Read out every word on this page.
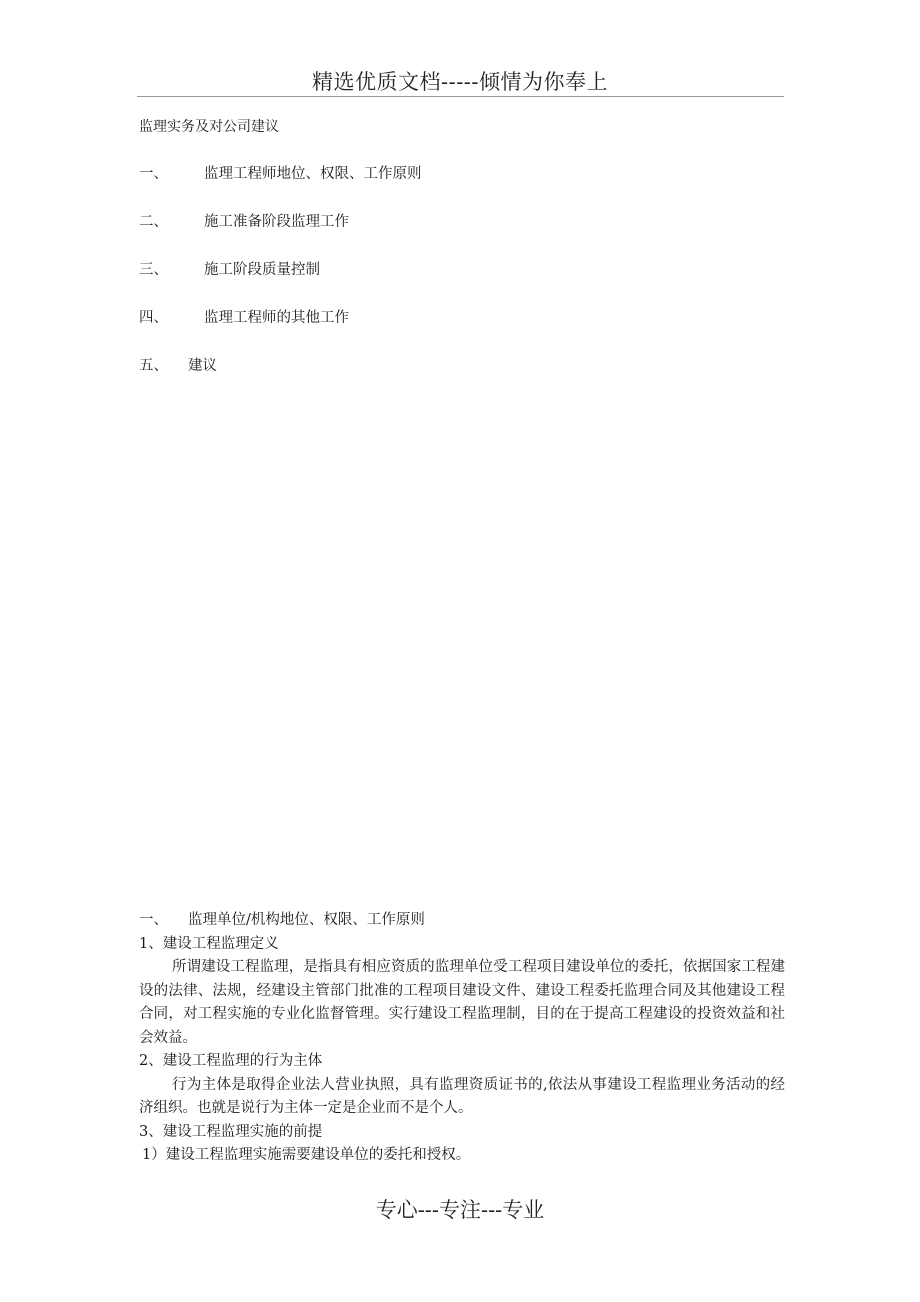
精选优质文档-----倾情为你奉上
监理实务及对公司建议
一、 监理工程师地位、权限、工作原则
二、 施工准备阶段监理工作
三、 施工阶段质量控制
四、 监理工程师的其他工作
五、 建议
一、 监理单位/机构地位、权限、工作原则
1、建设工程监理定义
所谓建设工程监理，是指具有相应资质的监理单位受工程项目建设单位的委托，依据国家工程建设的法律、法规，经建设主管部门批准的工程项目建设文件、建设工程委托监理合同及其他建设工程合同，对工程实施的专业化监督管理。实行建设工程监理制，目的在于提高工程建设的投资效益和社会效益。
2、建设工程监理的行为主体
行为主体是取得企业法人营业执照，具有监理资质证书的,依法从事建设工程监理业务活动的经济组织。也就是说行为主体一定是企业而不是个人。
3、建设工程监理实施的前提
1）建设工程监理实施需要建设单位的委托和授权。
专心---专注---专业
